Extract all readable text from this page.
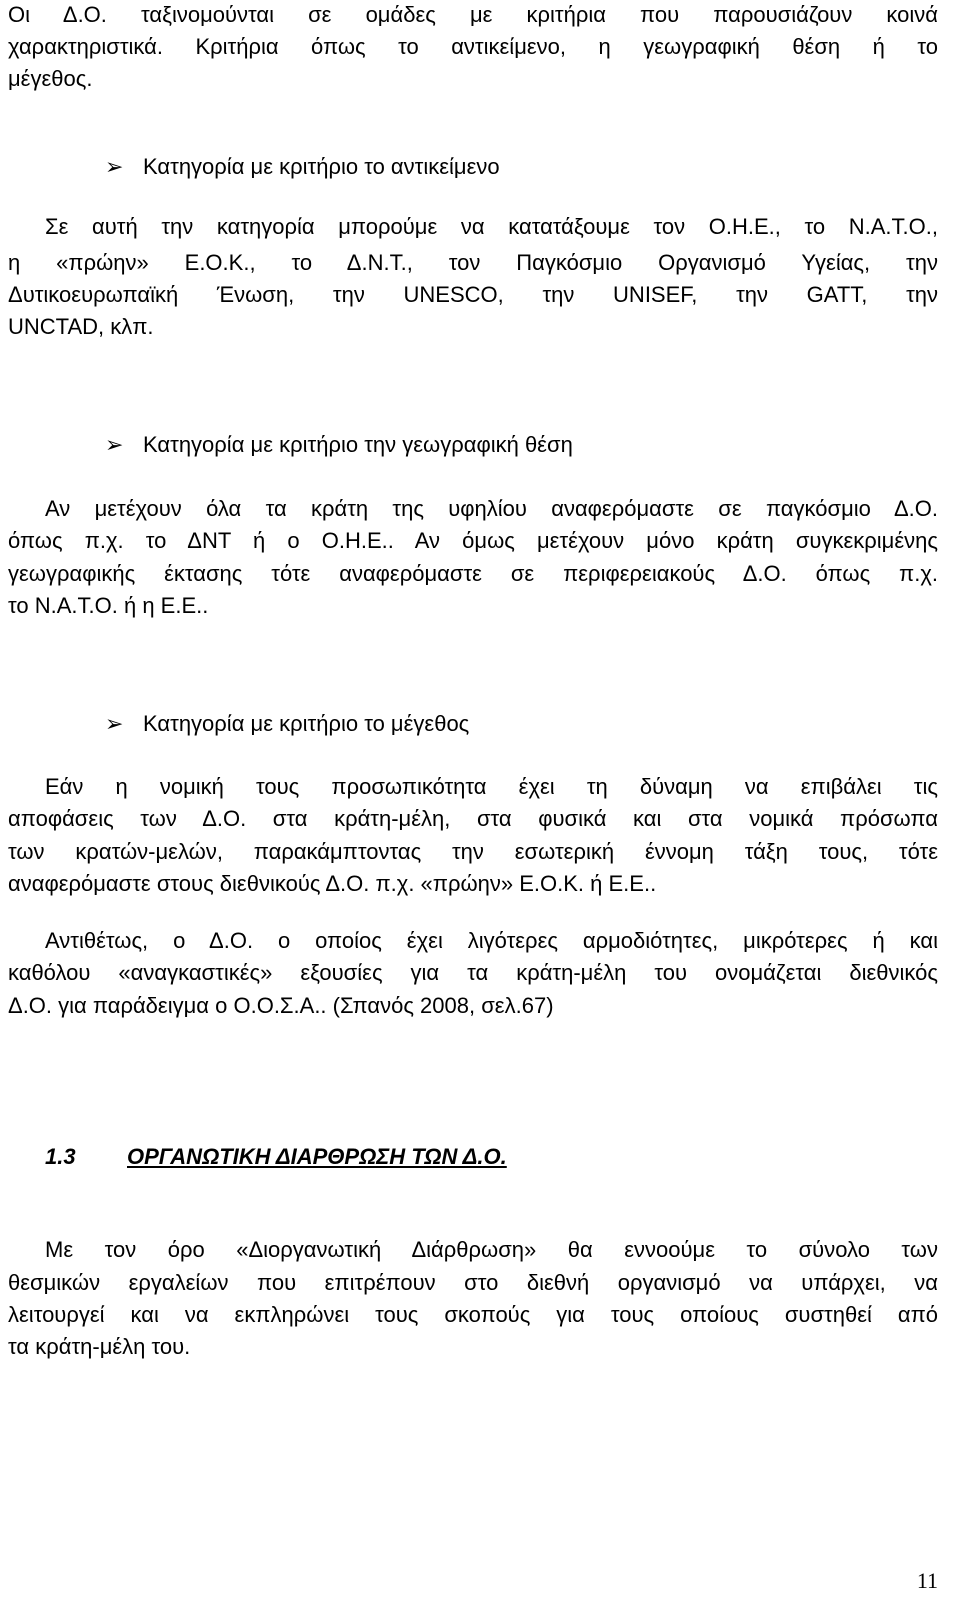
Οι Δ.Ο. ταξινομούνται σε ομάδες με κριτήρια που παρουσιάζουν κοινά
χαρακτηριστικά. Κριτήρια όπως το αντικείμενο, η γεωγραφική θέση ή το
μέγεθος.
➢ Κατηγορία με κριτήριο το αντικείμενο
Σε αυτή την κατηγορία μπορούμε να κατατάξουμε τον Ο.Η.Ε., το Ν.Α.Τ.Ο.,
η «πρώην» Ε.Ο.Κ., το Δ.Ν.Τ., τον Παγκόσμιο Οργανισμό Υγείας, την
Δυτικοευρωπαϊκή Ένωση, την UNESCO, την UNISEF, την GATT, την
UNCTAD, κλπ.
➢ Κατηγορία με κριτήριο την γεωγραφική θέση
Αν μετέχουν όλα τα κράτη της υφηλίου αναφερόμαστε σε παγκόσμιο Δ.Ο.
όπως π.χ. το ΔΝΤ ή ο Ο.Η.Ε.. Αν όμως μετέχουν μόνο κράτη συγκεκριμένης
γεωγραφικής έκτασης τότε αναφερόμαστε σε περιφερειακούς Δ.Ο. όπως π.χ.
το Ν.Α.Τ.Ο. ή η Ε.Ε..
➢ Κατηγορία με κριτήριο το μέγεθος
Εάν η νομική τους προσωπικότητα έχει τη δύναμη να επιβάλει τις
αποφάσεις των Δ.Ο. στα κράτη-μέλη, στα φυσικά και στα νομικά πρόσωπα
των κρατών-μελών, παρακάμπτοντας την εσωτερική έννομη τάξη τους, τότε
αναφερόμαστε στους διεθνικούς Δ.Ο. π.χ. «πρώην» Ε.Ο.Κ. ή Ε.Ε..
Αντιθέτως, ο Δ.Ο. ο οποίος έχει λιγότερες αρμοδιότητες, μικρότερες ή και
καθόλου «αναγκαστικές» εξουσίες για τα κράτη-μέλη του ονομάζεται διεθνικός
Δ.Ο. για παράδειγμα ο Ο.Ο.Σ.Α.. (Σπανός 2008, σελ.67)
1.3 ΟΡΓΑΝΩΤΙΚΗ ΔΙΑΡΘΡΩΣΗ ΤΩΝ Δ.Ο.
Με τον όρο «Διοργανωτική Διάρθρωση» θα εννοούμε το σύνολο των
θεσμικών εργαλείων που επιτρέπουν στο διεθνή οργανισμό να υπάρχει, να
λειτουργεί και να εκπληρώνει τους σκοπούς για τους οποίους συστηθεί από
τα κράτη-μέλη του.
11
